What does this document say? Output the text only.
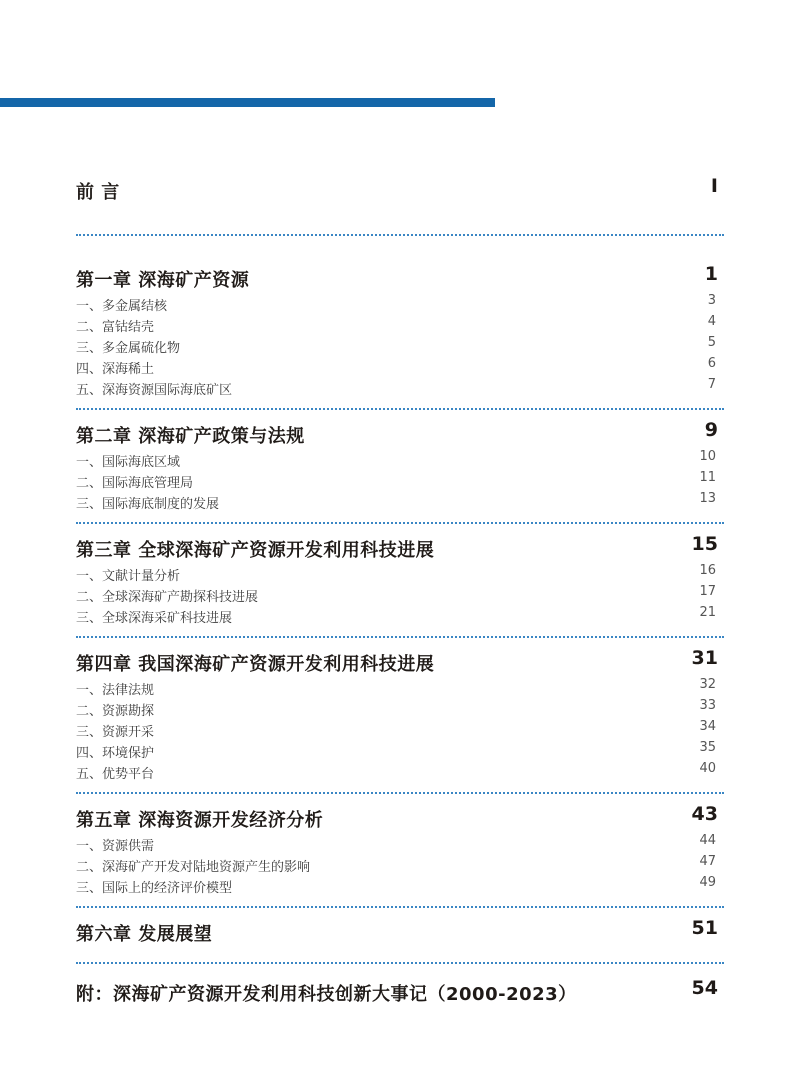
前 言	I
第一章 深海矿产资源	1
一、多金属结核	3
二、富钴结壳	4
三、多金属硫化物	5
四、深海稀土	6
五、深海资源国际海底矿区	7
第二章 深海矿产政策与法规	9
一、国际海底区域	10
二、国际海底管理局	11
三、国际海底制度的发展	13
第三章 全球深海矿产资源开发利用科技进展	15
一、文献计量分析	16
二、全球深海矿产勘探科技进展	17
三、全球深海采矿科技进展	21
第四章 我国深海矿产资源开发利用科技进展	31
一、法律法规	32
二、资源勘探	33
三、资源开采	34
四、环境保护	35
五、优势平台	40
第五章 深海资源开发经济分析	43
一、资源供需	44
二、深海矿产开发对陆地资源产生的影响	47
三、国际上的经济评价模型	49
第六章 发展展望	51
附：深海矿产资源开发利用科技创新大事记（2000-2023）	54
